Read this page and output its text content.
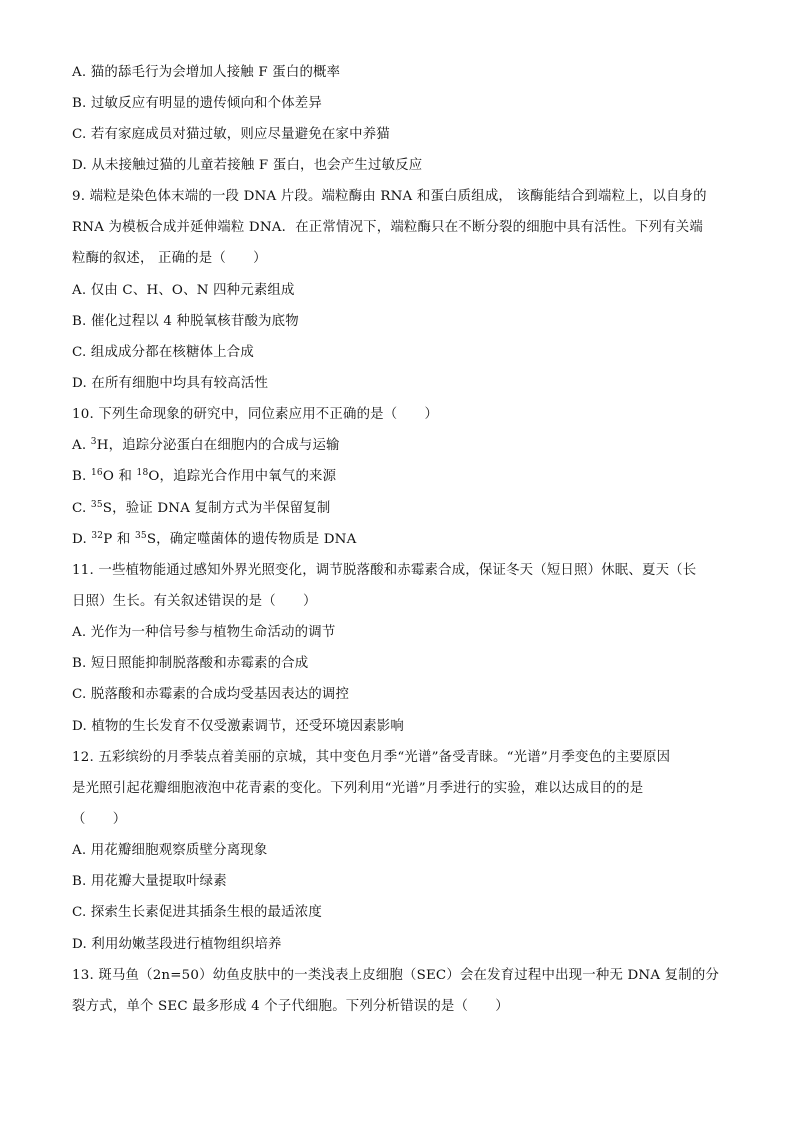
A. 猫的舔毛行为会增加人接触 F 蛋白的概率
B. 过敏反应有明显的遗传倾向和个体差异
C. 若有家庭成员对猫过敏，则应尽量避免在家中养猫
D. 从未接触过猫的儿童若接触 F 蛋白，也会产生过敏反应
9. 端粒是染色体末端的一段 DNA 片段。端粒酶由 RNA 和蛋白质组成， 该酶能结合到端粒上，以自身的
RNA 为模板合成并延伸端粒 DNA．在正常情况下，端粒酶只在不断分裂的细胞中具有活性。下列有关端
粒酶的叙述， 正确的是（　　）
A. 仅由 C、H、O、N 四种元素组成
B. 催化过程以 4 种脱氧核苷酸为底物
C. 组成成分都在核糖体上合成
D. 在所有细胞中均具有较高活性
10. 下列生命现象的研究中，同位素应用不正确的是（　　）
A. $^3$H，追踪分泌蛋白在细胞内的合成与运输
B. $^{16}$O 和 $^{18}$O，追踪光合作用中氧气的来源
C. $^{35}$S，验证 DNA 复制方式为半保留复制
D. $^{32}$P 和 $^{35}$S，确定噬菌体的遗传物质是 DNA
11. 一些植物能通过感知外界光照变化，调节脱落酸和赤霉素合成，保证冬天（短日照）休眠、夏天（长
日照）生长。有关叙述错误的是（　　）
A. 光作为一种信号参与植物生命活动的调节
B. 短日照能抑制脱落酸和赤霉素的合成
C. 脱落酸和赤霉素的合成均受基因表达的调控
D. 植物的生长发育不仅受激素调节，还受环境因素影响
12. 五彩缤纷的月季装点着美丽的京城，其中变色月季“光谱”备受青睐。“光谱”月季变色的主要原因
是光照引起花瓣细胞液泡中花青素的变化。下列利用“光谱”月季进行的实验，难以达成目的的是
（　　）
A. 用花瓣细胞观察质壁分离现象
B. 用花瓣大量提取叶绿素
C. 探索生长素促进其插条生根的最适浓度
D. 利用幼嫩茎段进行植物组织培养
13. 斑马鱼（2n=50）幼鱼皮肤中的一类浅表上皮细胞（SEC）会在发育过程中出现一种无 DNA 复制的分
裂方式，单个 SEC 最多形成 4 个子代细胞。下列分析错误的是（　　）
